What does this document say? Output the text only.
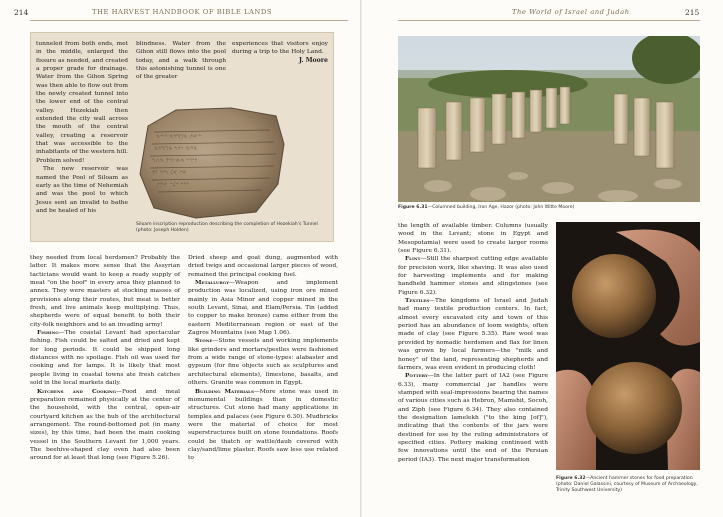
214	THE HARVEST HANDBOOK OF BIBLE LANDS

tunneled from both ends, met in the middle, enlarged the fissure as needed, and created a proper grade for drainage. Water from the Gihon Spring was then able to flow out from the newly created tunnel into the lower end of the central valley. Hezekiah then extended the city wall across the mouth of the central valley, creating a reservoir that was accessible to the inhabitants of the western hill. Problem solved!

The new reservoir was named the Pool of Siloam as early as the time of Nehemiah and was the pool to which Jesus sent an invalid to bathe and be healed of his

blindness. Water from the Gihon still flows into the pool today, and a walk through this astonishing tunnel is one of the greater

experiences that visitors enjoy during a trip to the Holy Land.

J. Moore

𐤆𐤀𐤕 𐤄𐤍𐤒𐤁𐤄 𐤅𐤆𐤄
𐤄𐤉𐤄 𐤃𐤁𐤓 𐤄𐤍𐤒𐤁𐤄
𐤁𐤏𐤅𐤃 𐤄𐤇𐤑𐤁𐤌 𐤄𐤂𐤓
𐤀𐤔 𐤀𐤋 𐤓𐤏𐤅 𐤅𐤁
𐤏𐤅𐤃 𐤔𐤋𐤔 𐤀𐤌𐤕
Siloam inscription reproduction describing the completion of Hezekiah's Tunnel (photo: Joseph Holden)

they needed from local herdsmen? Probably the latter. It makes more sense that the Assyrian tacticians would want to keep a ready supply of meat "on the hoof" in every area they planned to annex. They were masters at stocking masses of provisions along their routes, but meat is better fresh, and live animals keep multiplying. Thus, shepherds were of equal benefit to both their city-folk neighbors and to an invading army!

Fishing—The coastal Levant had spectacular fishing. Fish could be salted and dried and kept for long periods. It could be shipped long distances with no spoilage. Fish oil was used for cooking and for lamps. It is likely that most people living in coastal towns ate fresh catches sold in the local markets daily.

Kitchens and Cooking—Food and meal preparation remained physically at the center of the household, with the central, open-air courtyard kitchen as the hub of the architectural arrangement. The round-bottomed pot (in many sizes), by this time, had been the main cooking vessel in the Southern Levant for 1,000 years. The beehive-shaped clay oven had also been around for at least that long (see Figure 5.26).

Dried sheep and goat dung, augmented with dried twigs and occasional larger pieces of wood, remained the principal cooking fuel.

Metallurgy—Weapon and implement production was localized, using iron ore mined mainly in Asia Minor and copper mined in the south Levant, Sinai, and Elam/Persia. Tin (added to copper to make bronze) came either from the eastern Mediterranean region or east of the Zagros Mountains (see Map 1.06).

Stone—Stone vessels and working implements like grinders and mortars/pestles were fashioned from a wide range of stone-types: alabaster and gypsum (for fine objects such as sculptures and architectural elements), limestone, basalts, and others. Granite was common in Egypt.

Building Materials—More stone was used in monumental buildings than in domestic structures. Cut stone had many applications in temples and palaces (see Figure 6.30). Mudbricks were the material of choice for most superstructures built on stone foundations. Roofs could be thatch or wattle/daub covered with clay/sand/lime plaster. Roofs saw less use related to

The World of Israel and Judah	215
Figure 6.31—Columned building, Iron Age, Hazor (photo: John Witte Moore)

the length of available timber. Columns (usually wood in the Levant; stone in Egypt and Mesopotamia) were used to create larger rooms (see Figure 6.31).

Flint—Still the sharpest cutting edge available for precision work, like shaving. It was also used for harvesting implements and for making handheld hammer stones and slingstones (see Figure 6.32).

Textiles—The kingdoms of Israel and Judah had many textile production centers. In fact, almost every excavated city and town of this period has an abundance of loom weights, often made of clay (see Figure 5.35). Raw wool was provided by nomadic herdsmen and flax for linen was grown by local farmers—the "milk and honey" of the land, representing shepherds and farmers, was even evident in producing cloth!

Pottery—In the latter part of IA2 (see Figure 6.33), many commercial jar handles were stamped with seal-impressions bearing the names of various cities such as Hebron, Mamshit, Socoh, and Ziph (see Figure 6.34). They also contained the designation lamelekh ("to the king [of]"), indicating that the contents of the jars were destined for use by the ruling administrators of specified cities. Pottery making continued with few innovations until the end of the Persian period (IA3). The next major transformation

Figure 6.32—Ancient hammer stones for food preparation (photo: Daniel Galassini, courtesy of Museum of Archaeology, Trinity Southwest University)
